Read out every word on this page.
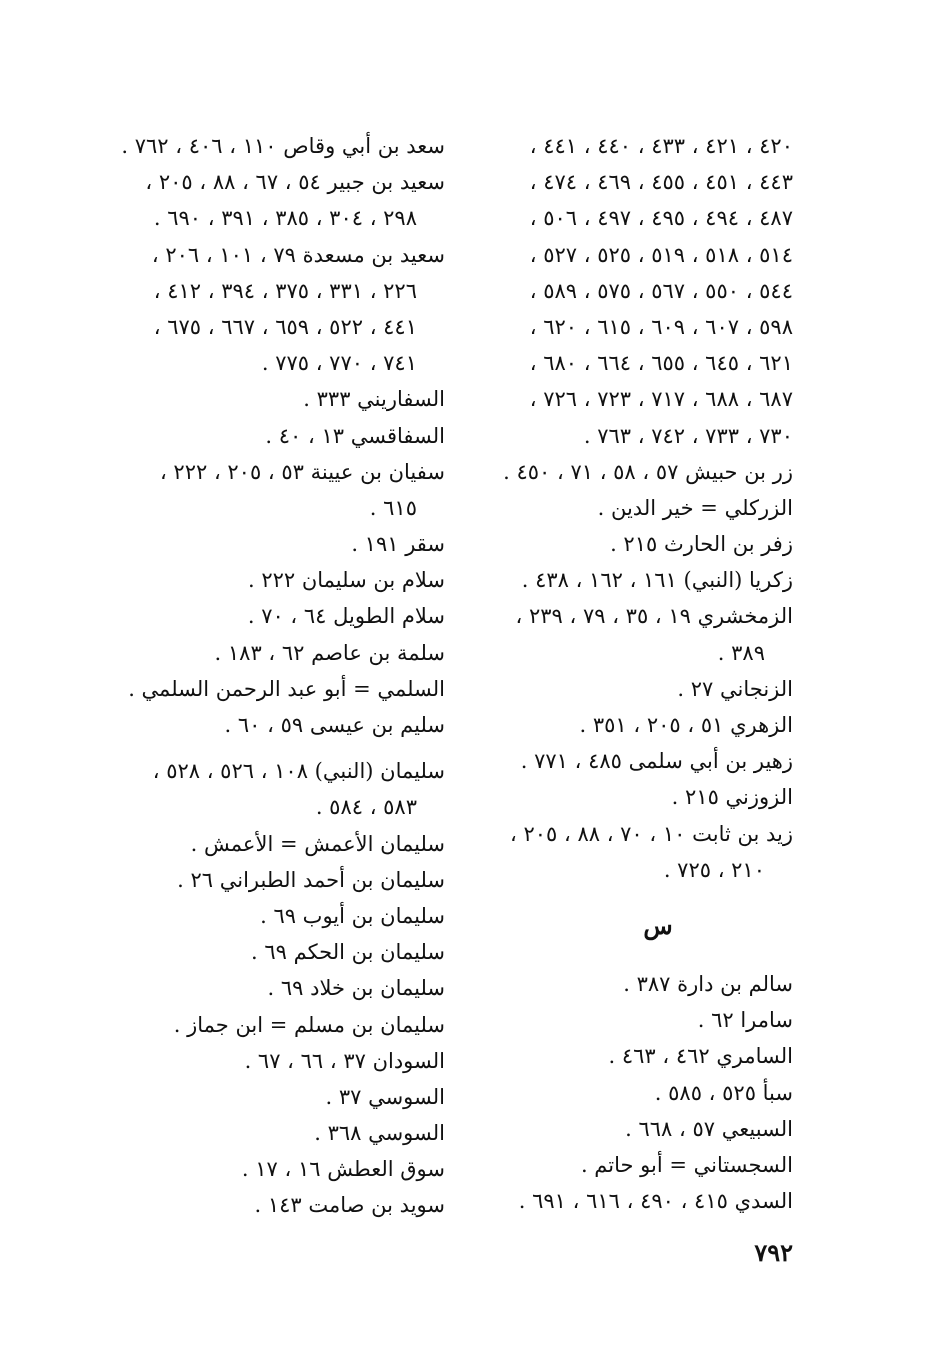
٤٢٠ ، ٤٢١ ، ٤٣٣ ، ٤٤٠ ، ٤٤١ ،
٤٤٣ ، ٤٥١ ، ٤٥٥ ، ٤٦٩ ، ٤٧٤ ،
٤٨٧ ، ٤٩٤ ، ٤٩٥ ، ٤٩٧ ، ٥٠٦ ،
٥١٤ ، ٥١٨ ، ٥١٩ ، ٥٢٥ ، ٥٢٧ ،
٥٤٤ ، ٥٥٠ ، ٥٦٧ ، ٥٧٥ ، ٥٨٩ ،
٥٩٨ ، ٦٠٧ ، ٦٠٩ ، ٦١٥ ، ٦٢٠ ،
٦٢١ ، ٦٤٥ ، ٦٥٥ ، ٦٦٤ ، ٦٨٠ ،
٦٨٧ ، ٦٨٨ ، ٧١٧ ، ٧٢٣ ، ٧٢٦ ،
٧٣٠ ، ٧٣٣ ، ٧٤٢ ، ٧٦٣ .
زر بن حبيش ٥٧ ، ٥٨ ، ٧١ ، ٤٥٠ .
الزركلي = خير الدين .
زفر بن الحارث ٢١٥ .
زكريا (النبي) ١٦١ ، ١٦٢ ، ٤٣٨ .
الزمخشري ١٩ ، ٣٥ ، ٧٩ ، ٢٣٩ ،
٣٨٩ .
الزنجاني ٢٧ .
الزهري ٥١ ، ٢٠٥ ، ٣٥١ .
زهير بن أبي سلمى ٤٨٥ ، ٧٧١ .
الزوزني ٢١٥ .
زيد بن ثابت ١٠ ، ٧٠ ، ٨٨ ، ٢٠٥ ،
٢١٠ ، ٧٢٥ .
س
سالم بن دارة ٣٨٧ .
سامرا ٦٢ .
السامري ٤٦٢ ، ٤٦٣ .
سبأ ٥٢٥ ، ٥٨٥ .
السبيعي ٥٧ ، ٦٦٨ .
السجستاني = أبو حاتم .
السدي ٤١٥ ، ٤٩٠ ، ٦١٦ ، ٦٩١ .
سعد بن أبي وقاص ١١٠ ، ٤٠٦ ، ٧٦٢ .
سعيد بن جبير ٥٤ ، ٦٧ ، ٨٨ ، ٢٠٥ ،
٢٩٨ ، ٣٠٤ ، ٣٨٥ ، ٣٩١ ، ٦٩٠ .
سعيد بن مسعدة ٧٩ ، ١٠١ ، ٢٠٦ ،
٢٢٦ ، ٣٣١ ، ٣٧٥ ، ٣٩٤ ، ٤١٢ ،
٤٤١ ، ٥٢٢ ، ٦٥٩ ، ٦٦٧ ، ٦٧٥ ،
٧٤١ ، ٧٧٠ ، ٧٧٥ .
السفاريني ٣٣٣ .
السفاقسي ١٣ ، ٤٠ .
سفيان بن عيينة ٥٣ ، ٢٠٥ ، ٢٢٢ ،
٦١٥ .
سقر ١٩١ .
سلام بن سليمان ٢٢٢ .
سلام الطويل ٦٤ ، ٧٠ .
سلمة بن عاصم ٦٢ ، ١٨٣ .
السلمي = أبو عبد الرحمن السلمي .
سليم بن عيسى ٥٩ ، ٦٠ .
سليمان (النبي) ١٠٨ ، ٥٢٦ ، ٥٢٨ ،
٥٨٣ ، ٥٨٤ .
سليمان الأعمش = الأعمش .
سليمان بن أحمد الطبراني ٢٦ .
سليمان بن أيوب ٦٩ .
سليمان بن الحكم ٦٩ .
سليمان بن خلاد ٦٩ .
سليمان بن مسلم = ابن جماز .
السودان ٣٧ ، ٦٦ ، ٦٧ .
السوسي ٣٧ .
السوسي ٣٦٨ .
سوق العطش ١٦ ، ١٧ .
سويد بن صامت ١٤٣ .
٧٩٢
